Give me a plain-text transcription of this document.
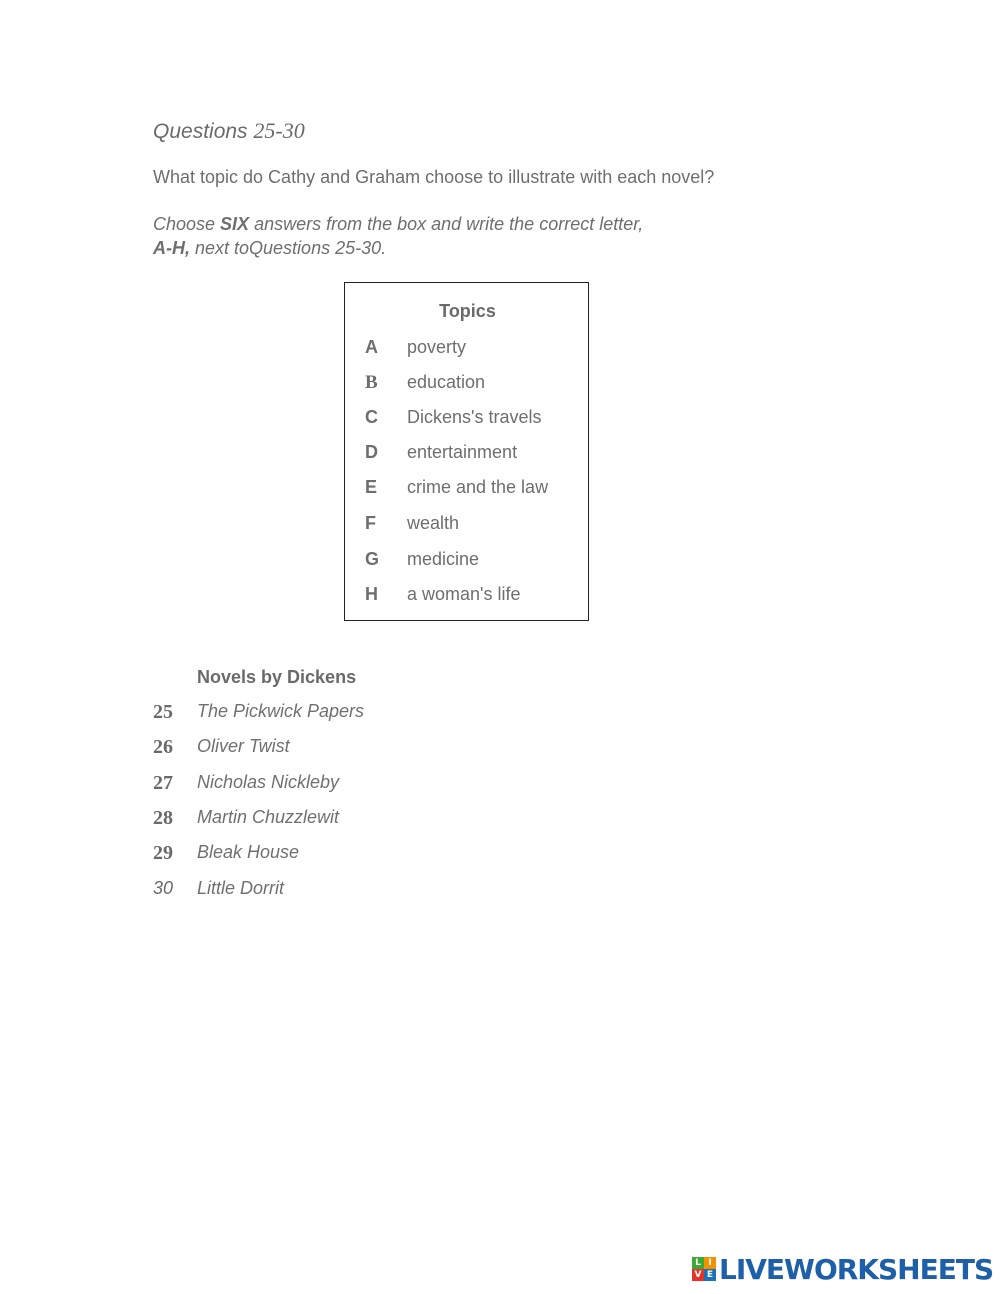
Questions 25-30
What topic do Cathy and Graham choose to illustrate with each novel?
Choose SIX answers from the box and write the correct letter,
A-H, next toQuestions 25-30.
Topics
A poverty
B education
C Dickens's travels
D entertainment
E crime and the law
F wealth
G medicine
H a woman's life
Novels by Dickens
25 The Pickwick Papers
26 Oliver Twist
27 Nicholas Nickleby
28 Martin Chuzzlewit
29 Bleak House
30 Little Dorrit
L I
V E LIVEWORKSHEETS
